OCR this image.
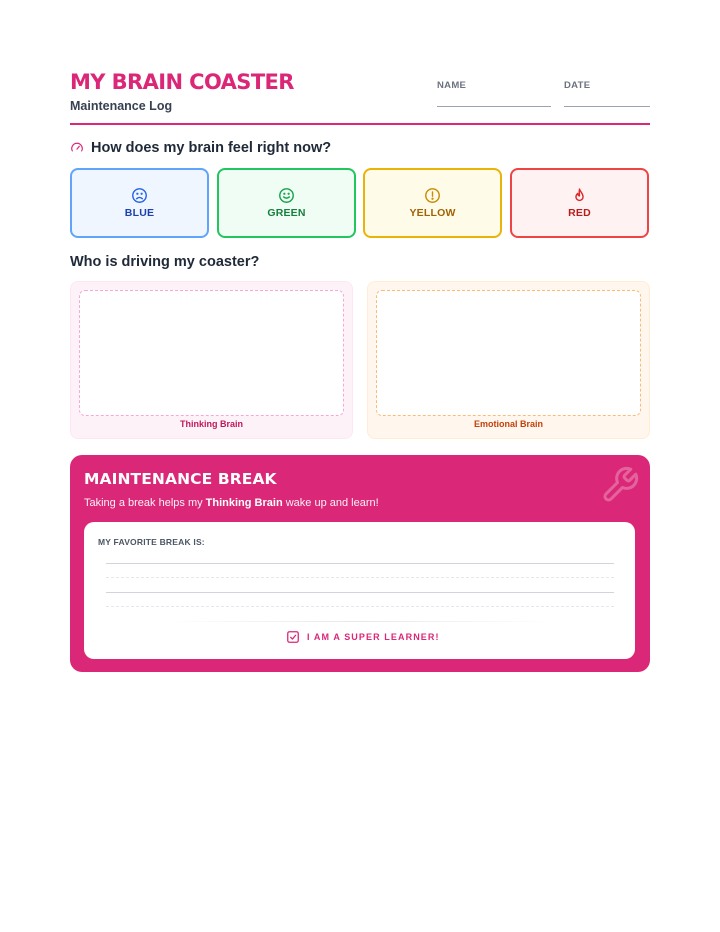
MY BRAIN COASTER
Maintenance Log
NAME	DATE
How does my brain feel right now?
BLUE	GREEN	YELLOW	RED
Who is driving my coaster?
Thinking Brain	Emotional Brain
MAINTENANCE BREAK
Taking a break helps my Thinking Brain wake up and learn!
MY FAVORITE BREAK IS:
I AM A SUPER LEARNER!
